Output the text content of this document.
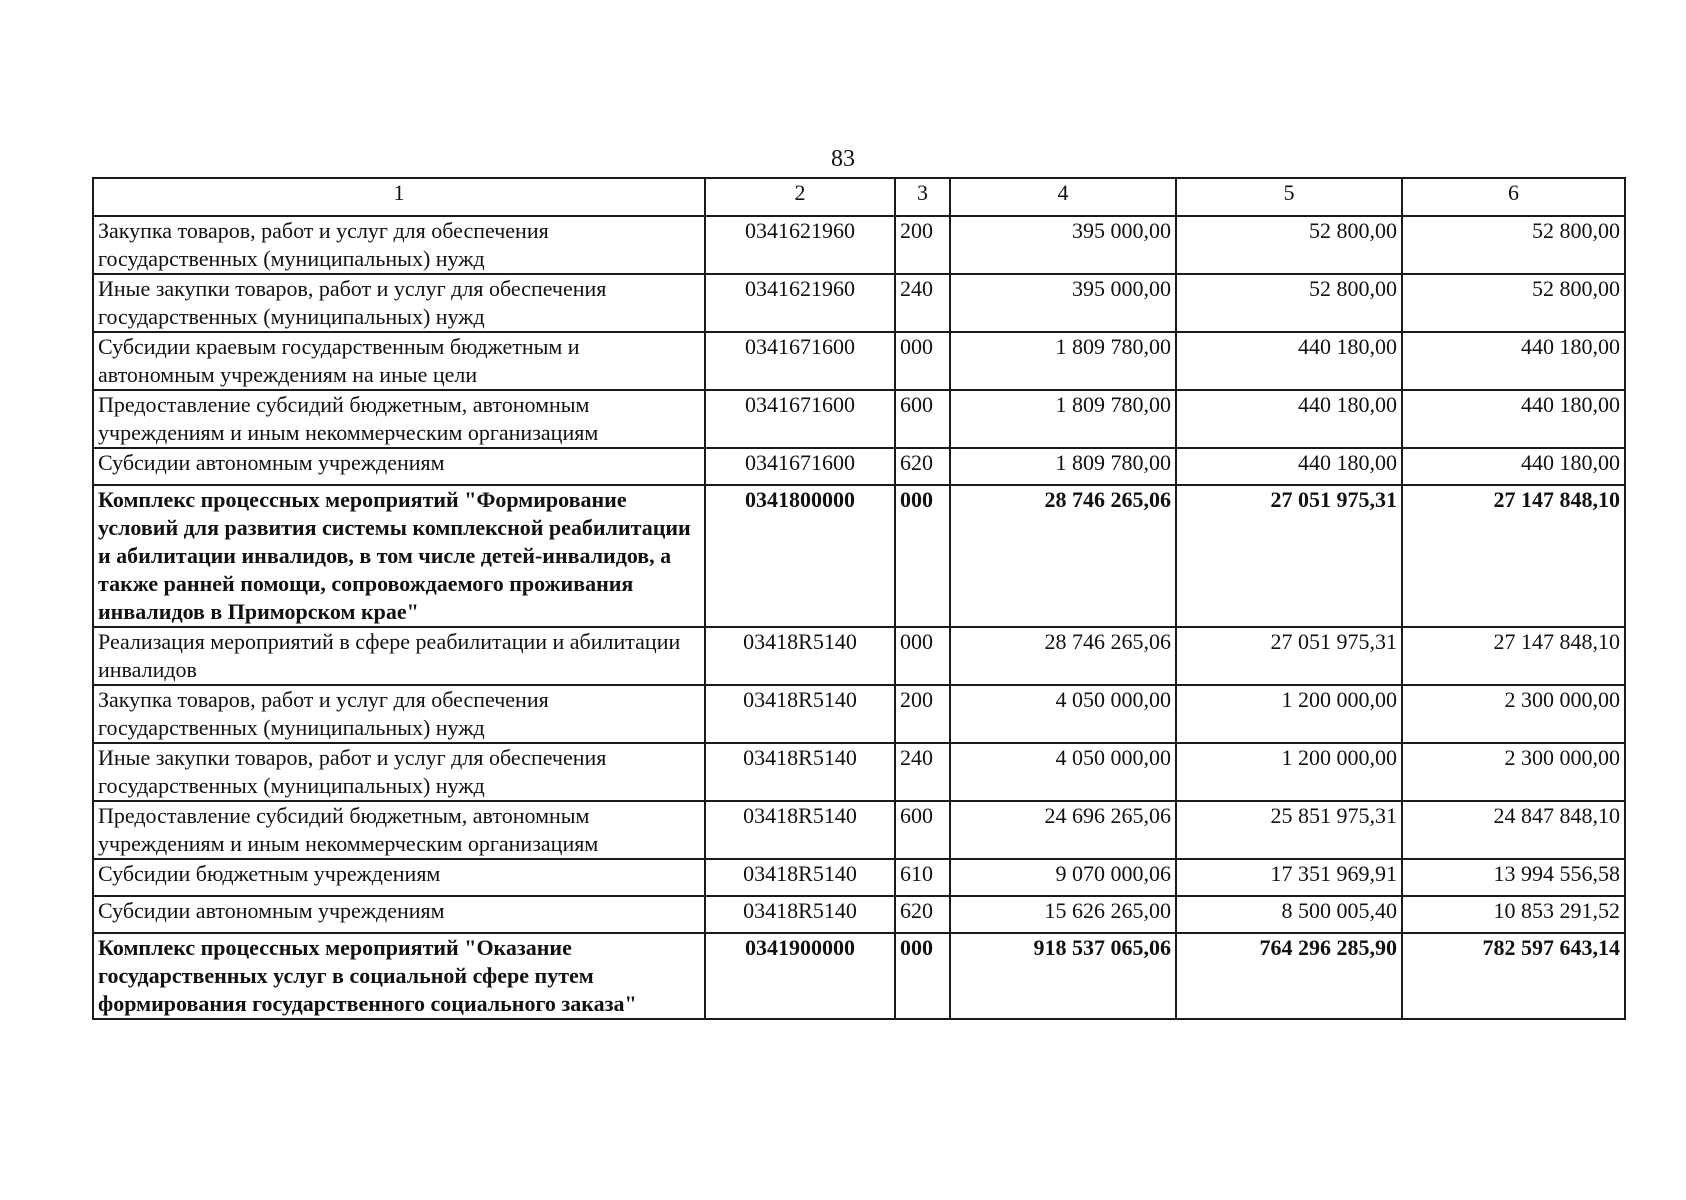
83
1	2	3	4	5	6
Закупка товаров, работ и услуг для обеспечения государственных (муниципальных) нужд	0341621960	200	395 000,00	52 800,00	52 800,00
Иные закупки товаров, работ и услуг для обеспечения государственных (муниципальных) нужд	0341621960	240	395 000,00	52 800,00	52 800,00
Субсидии краевым государственным бюджетным и автономным учреждениям на иные цели	0341671600	000	1 809 780,00	440 180,00	440 180,00
Предоставление субсидий бюджетным, автономным учреждениям и иным некоммерческим организациям	0341671600	600	1 809 780,00	440 180,00	440 180,00
Субсидии автономным учреждениям	0341671600	620	1 809 780,00	440 180,00	440 180,00
Комплекс процессных мероприятий "Формирование условий для развития системы комплексной реабилитации и абилитации инвалидов, в том числе детей-инвалидов, а также ранней помощи, сопровождаемого проживания инвалидов в Приморском крае"	0341800000	000	28 746 265,06	27 051 975,31	27 147 848,10
Реализация мероприятий в сфере реабилитации и абилитации инвалидов	03418R5140	000	28 746 265,06	27 051 975,31	27 147 848,10
Закупка товаров, работ и услуг для обеспечения государственных (муниципальных) нужд	03418R5140	200	4 050 000,00	1 200 000,00	2 300 000,00
Иные закупки товаров, работ и услуг для обеспечения государственных (муниципальных) нужд	03418R5140	240	4 050 000,00	1 200 000,00	2 300 000,00
Предоставление субсидий бюджетным, автономным учреждениям и иным некоммерческим организациям	03418R5140	600	24 696 265,06	25 851 975,31	24 847 848,10
Субсидии бюджетным учреждениям	03418R5140	610	9 070 000,06	17 351 969,91	13 994 556,58
Субсидии автономным учреждениям	03418R5140	620	15 626 265,00	8 500 005,40	10 853 291,52
Комплекс процессных мероприятий "Оказание государственных услуг в социальной сфере путем формирования государственного социального заказа"	0341900000	000	918 537 065,06	764 296 285,90	782 597 643,14
